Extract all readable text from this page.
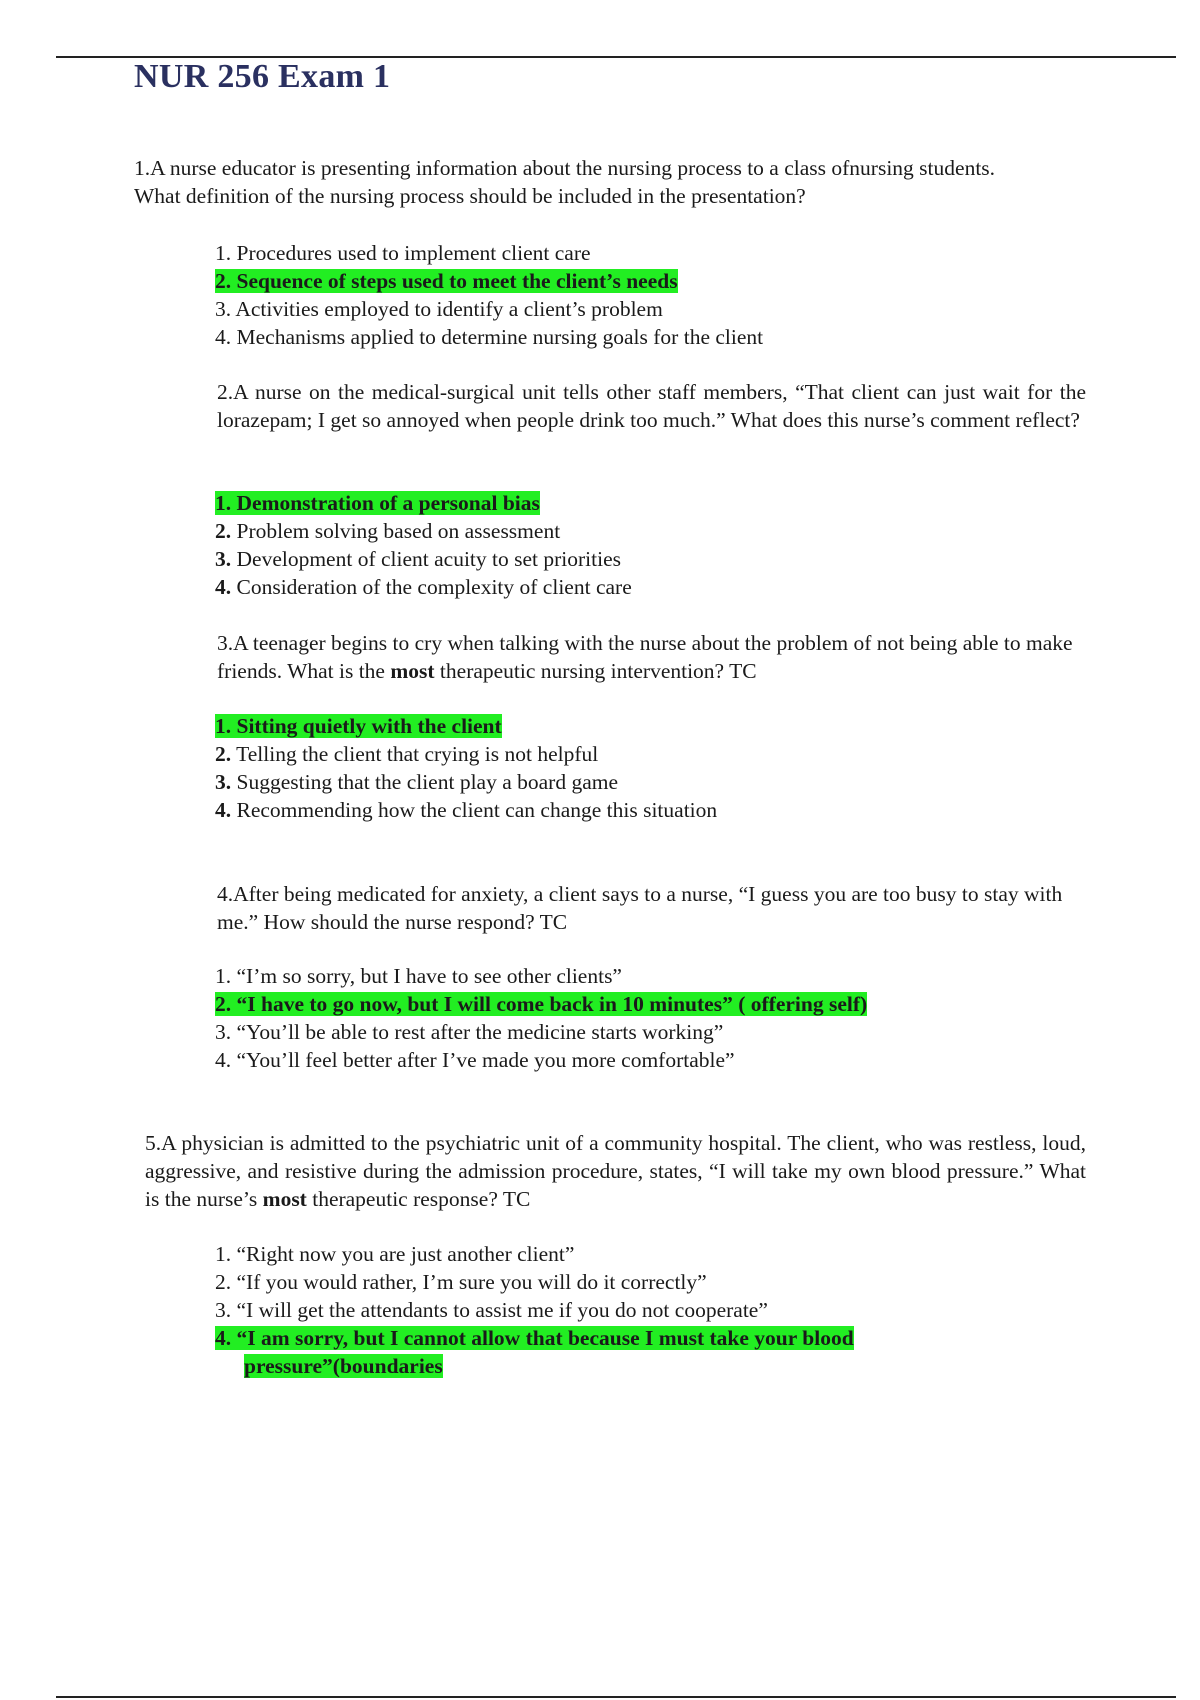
NUR 256 Exam 1

1.A nurse educator is presenting information about the nursing process to a class ofnursing students. What definition of the nursing process should be included in the presentation?

1. Procedures used to implement client care
2. Sequence of steps used to meet the client’s needs
3. Activities employed to identify a client’s problem
4. Mechanisms applied to determine nursing goals for the client

2.A nurse on the medical-surgical unit tells other staff members, “That client can just wait for the lorazepam; I get so annoyed when people drink too much.” What does this nurse’s comment reflect?

1. Demonstration of a personal bias
2. Problem solving based on assessment
3. Development of client acuity to set priorities
4. Consideration of the complexity of client care

3.A teenager begins to cry when talking with the nurse about the problem of not being able to make friends. What is the most therapeutic nursing intervention? TC

1. Sitting quietly with the client
2. Telling the client that crying is not helpful
3. Suggesting that the client play a board game
4. Recommending how the client can change this situation

4.After being medicated for anxiety, a client says to a nurse, “I guess you are too busy to stay with me.” How should the nurse respond? TC

1. “I’m so sorry, but I have to see other clients”
2. “I have to go now, but I will come back in 10 minutes” ( offering self)
3. “You’ll be able to rest after the medicine starts working”
4. “You’ll feel better after I’ve made you more comfortable”

5.A physician is admitted to the psychiatric unit of a community hospital. The client, who was restless, loud, aggressive, and resistive during the admission procedure, states, “I will take my own blood pressure.” What is the nurse’s most therapeutic response? TC

1. “Right now you are just another client”
2. “If you would rather, I’m sure you will do it correctly”
3. “I will get the attendants to assist me if you do not cooperate”
4. “I am sorry, but I cannot allow that because I must take your blood
pressure”(boundaries
